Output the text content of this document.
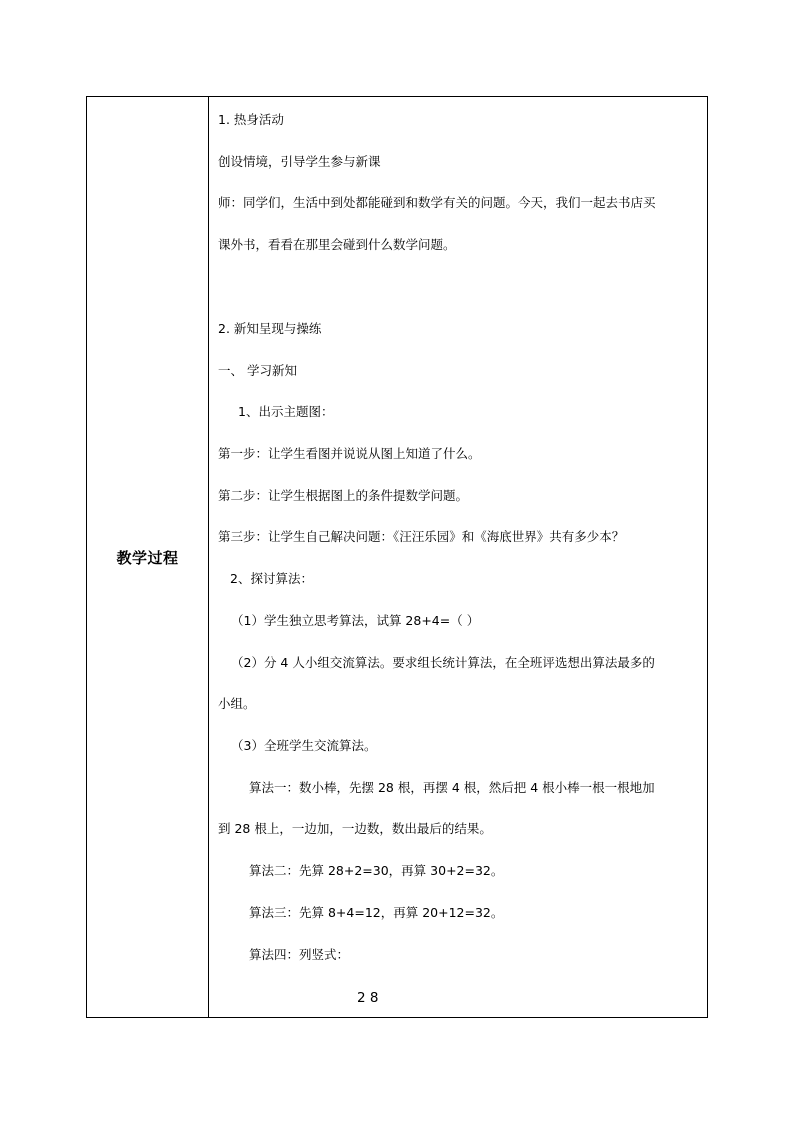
教学过程
1. 热身活动
创设情境，引导学生参与新课
师：同学们，生活中到处都能碰到和数学有关的问题。今天，我们一起去书店买
课外书，看看在那里会碰到什么数学问题。
2. 新知呈现与操练
一、 学习新知
1、出示主题图：
第一步：让学生看图并说说从图上知道了什么。
第二步：让学生根据图上的条件提数学问题。
第三步：让学生自己解决问题：《汪汪乐园》和《海底世界》共有多少本？
2、探讨算法：
（1）学生独立思考算法，试算 28+4=（ ）
（2）分 4 人小组交流算法。要求组长统计算法，在全班评选想出算法最多的
小组。
（3）全班学生交流算法。
算法一：数小棒，先摆 28 根，再摆 4 根，然后把 4 根小棒一根一根地加
到 28 根上，一边加，一边数，数出最后的结果。
算法二：先算 28+2=30，再算 30+2=32。
算法三：先算 8+4=12，再算 20+12=32。
算法四：列竖式：
2 8
